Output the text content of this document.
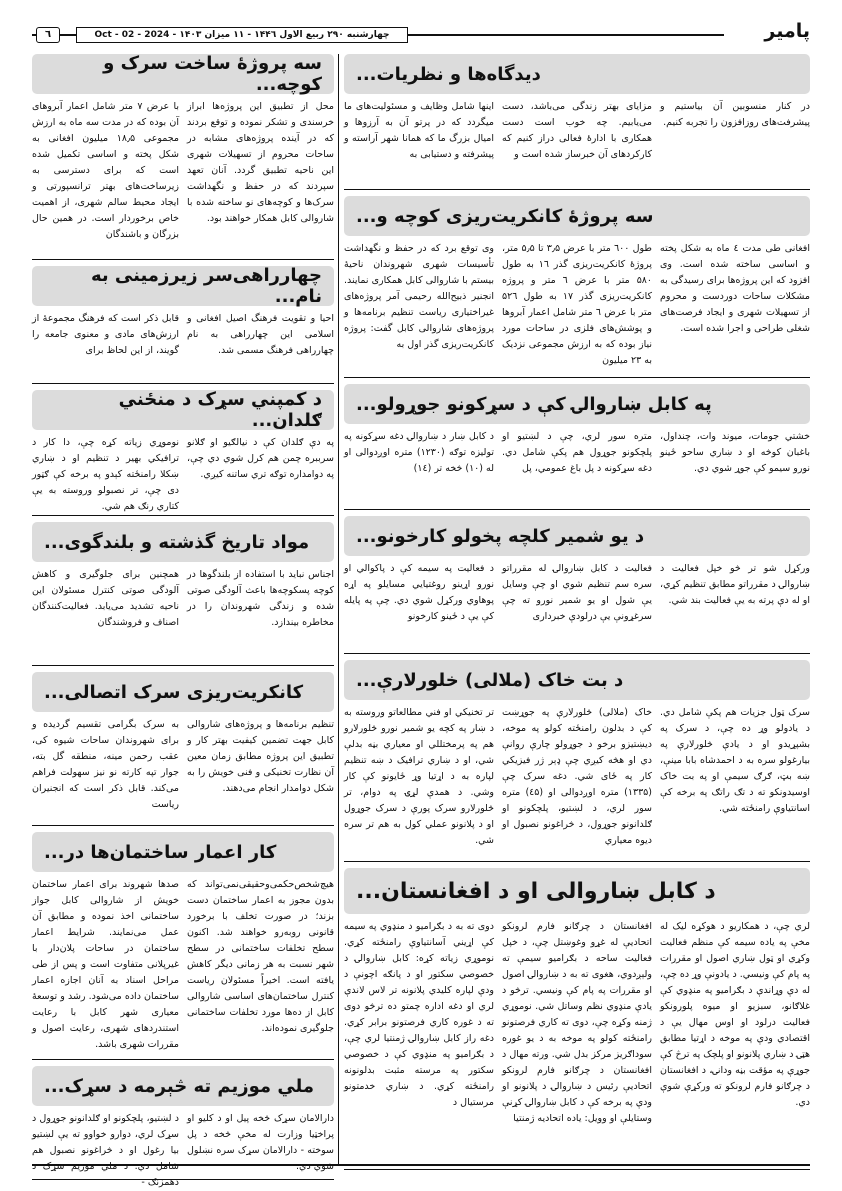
٦	چهارشنبه ۲۹۰ ربیع الاول ۱۴۴٦ - ۱۱ میزان ۱۴۰۳ - Oct - 02 - 2024	پامیر
دیدگاه‌ها و نظریات...

اینها شامل وظایف و مسئولیت‌های ما میگردد که در پرتو آن به آرزوها و امیال بزرگ ما که همانا شهر آراسته و پیشرفته و دستیابی به

مزایای بهتر زندگی می‌باشد، دست می‌یابیم. چه خوب است دست همکاری با ادارۀ فعالی دراز کنیم که کارکردهای آن خبرساز شده است و

در کنار منسوبین آن بیاستیم و پیشرفت‌های روزافزون را تجربه کنیم.

سه پروژۀ کانکریت‌ریزی کوچه و...

وی توقع برد که در حفظ و نگهداشت تأسیسات شهری شهروندان ناحیۀ بیستم با شاروالی کابل همکاری نمایند. انجنیر ذبیح‌الله رحیمی آمر پروژه‌های غیراختیاری ریاست تنظیم برنامه‌ها و پروژه‌های شاروالی کابل گفت: پروژه کانکریت‌ریزی گذر اول به

طول ٦۰۰ متر با عرض ۳٫۵ تا ۵٫۵ متر، پروژۀ کانکریت‌ریزی گذر ۱٦ به طول ۵۸۰ متر با عرض ٦ متر و پروژه کانکریت‌ریزی گذر ۱۷ به طول ۵۲٦ متر با عرض ٦ متر شامل اعمار آبروها و پوشش‌های فلزی در ساحات مورد نیاز بوده که به ارزش مجموعی نزدیک به ۲۳ میلیون

افغانی طی مدت ٤ ماه به شکل پخته و اساسی ساخته شده است. وی افزود که این پروژه‌ها برای رسیدگی به مشکلات ساحات دوردست و محروم از تسهیلات شهری و ایجاد فرصت‌های شغلی طراحی و اجرا شده است.

په کابل ښاروالۍ کې د سړکونو جوړولو...

د کابل ښار د ښاروالۍ دغه سړکونه په توليزه توګه (۱۲۳۰) متره اوږدوالی او له (۱۰) څخه تر (۱٤)

متره سور لري، چې د لښتيو او پلچکونو جوړول هم پکې شامل دي. دغه سړکونه د پل باغ عمومي، پل

خشتي جومات، میوند وات، چنداول، باغبان کوڅه او د ښاري ساحو ځینو نورو سیمو کې جوړ شوي دي.

د یو شمیر کلچه پخولو کارخونو...

د فعالیت په سیمه کې د پاکوالي او نورو اړینو روغتیايي مسایلو په اړه پوهاوي ورکړل شوي دي. چې په پایله کې یې د ځینو کارخونو

فعالیت د کابل ښاروالۍ له مقرراتو سره سم تنظیم شوي او چې وسایل یې شول او یو شمیر نورو ته چې سرغړونې یې درلودې خبرداری

ورکړل شو تر څو خپل فعالیت د ښاروالۍ د مقرراتو مطابق تنظیم کړي، او له دې پرته به یې فعالیت بند شي.

د بت خاک (ملالی) خلورلارې...

تر تخنیکي او فني مطالعاتو وروسته به د ښار په کچه یو شمیر نورو څلورلارو هم په پرمختللي او معیاري بڼه بدلې شي، او د ښاري ترافیک د ښه تنظیم لپاره به د اړتیا وړ ځایونو کې کار وشي. د همدې لړۍ په دوام، تر څلورلارو سرک پورې د سرک جوړول او د پلانونو عملي کول به هم تر سره شي.

خاک (ملالی) څلورلارې په جوړښت کې د بدلون رامنځته کولو په موخه، دیښتیزو برخو د جوړولو چارې روانې دي او هڅه کیږي چې ډېر ژر فیزیکي کار په ځای شي. دغه سرک چې (۱۳۳۵) متره اوږدوالی او (٤۵) متره سور لري، د لښتیو، پلچکونو او ګلدانونو جوړول، د څراغونو نصبول او دیوه معیاري

سرک ټول جزیات هم پکې شامل دي. د یادولو وړ ده چې، د سرک په بشپړیدو او د یادې څلورلارې په بیارغولو سره به د احمدشاه بابا مینې، ښه بټ، ګرګ سیمې او په بت خاک اوسیدونکو ته د تګ راتګ په برخه کې اسانتیاوې رامنځته شي.

د کابل ښاروالی او د افغانستان...

دوی ته به د بګرامیو د منډوي په سیمه کې اړیني آسانتیاوې رامنځته کړي. نوموړي زیاته کړه: کابل ښاروالۍ د خصوصي سکتور او د پانګه اچونې د ودې لپاره کلیدي پلانونه تر لاس لاندې لري او دغه اداره چمتو ده ترڅو دوی ته د غوره کاري فرصتونو برابر کړي. دغه راز کابل ښاروالۍ ژمنتیا لري چې، د بګرامیو په منډوي کې د خصوصي سکتور په مرسته مثبت بدلونونه رامنځته کړي. د ښاري خدمتونو مرستیال د

افغانستان د چرګانو فارم لرونکو اتحادیې له غړو وغوښتل چې، د خپل فعالیت ساحه د بګرامیو سیمې ته ولېږدوي، هغوی ته به د ښاروالۍ اصول او مقررات په پام کې ونیسي. ترڅو د یادې منډوي نظم وساتل شي. نوموړي ژمنه وکړه چې، دوی ته کاري فرصتونو رامنځته کولو په موخه به د یو غوره سوداګریز مرکز بدل شي. ورته مهال د افغانستان د چرګانو فارم لرونکو اتحادیې رئیس د ښاروالۍ د پلانونو او ودې په برخه کې د کابل ښاروالۍ کړنې وستایلې او وویل: یاده اتحادیه ژمنتیا

لري چې، د همکاریو د هوکړه لیک له مخې په یاده سیمه کې منظم فعالیت وکړي او ټول ښاري اصول او مقررات په پام کې ونیسي. د یادونې وړ ده چې، له دې وړاندې د بګرامیو په منډوي کې غلاګانو، سبزیو او میوه پلورونکو فعالیت درلود او اوس مهال یې د اقتصادي ودې په موخه د اړتیا مطابق هټۍ د ښاري پلانونو او پلچک په ترڅ کې جوړې په مؤقت بڼه ودانۍ، د افغانستان د چرګانو فارم لرونکو ته ورکړې شوې دي.

سه پروژۀ ساخت سرک و کوچه...

با عرض ۷ متر شامل اعمار آبروهای آن بوده که در مدت سه ماه به ارزش مجموعی ۱۸٫۵ میلیون افغانی به شکل پخته و اساسی تکمیل شده است که برای دسترسی به زیرساخت‌های بهتر ترانسپورتی و ایجاد محیط سالم شهری، از اهمیت خاص برخوردار است. در همین حال بزرگان و باشندگان

محل از تطبیق این پروژه‌ها ابراز خرسندی و تشکر نموده و توقع بردند که در آینده پروژه‌های مشابه در ساحات محروم از تسهیلات شهری این ناحیه تطبیق گردد. آنان تعهد سپردند که در حفظ و نگهداشت سرک‌ها و کوچه‌های نو ساخته شده با شاروالی کابل همکار خواهند بود.

چهارراهی‌سر زیرزمینی به نام...

قابل ذکر است که فرهنگ مجموعۀ از ارزش‌های مادی و معنوی جامعه را گویند، از این لحاظ برای

احیا و تقویت فرهنگ اصیل افغانی و اسلامی این چهارراهی به نام چهارراهی فرهنگ مسمی شد.

د کمپني سړک د منځني ګلدان...

نوموړي زیاته کړه چې، دا کار د ترافیکي بهیر د تنظیم او د ښاري ښکلا رامنځته کېدو په برخه کې ګټور دی چې، تر نصبولو وروسته به یې کتاري رنګ هم شي.

په دې ګلدان کې د نیالګیو او ګلانو سرببره چمن هم کرل شوي دي چې، په دوامداره توګه تري ساتنه کیږي.

مواد تاریخ گذشته و بلندگوی...

همچنین برای جلوگیری و کاهش آلودگی صوتی کنترل مسئولان این ناحیه تشدید می‌یابد. فعالیت‌کنندگان اصناف و فروشندگان

اجناس نباید با استفاده از بلندگوها در کوچه پسکوچه‌ها باعث آلودگی صوتی شده و زندگی شهروندان را در مخاطره بیندازد.

کانکریت‌ریزی سرک اتصالی...

به سرک بگرامی تقسیم گردیده و برای شهروندان ساحات شیوه کی، عقب رحمن مینه، منطقه گل بته، جوار تپه کارته نو نیز سهولت فراهم می‌کند. قابل ذکر است که انجنیران ریاست

تنظیم برنامه‌ها و پروژه‌های شاروالی کابل جهت تضمین کیفیت بهتر کار و تطبیق این پروژه مطابق زمان معین آن نظارت تخنیکی و فنی خویش را به شکل دوامدار انجام می‌دهند.

کار اعمار ساختمان‌ها در...

صدها شهروند برای اعمار ساختمان خویش از شاروالی کابل جواز ساختمانی اخذ نموده و مطابق آن عمل می‌نمایند. شرایط اعمار ساختمان در ساحات پلان‌دار با غیرپلانی متفاوت است و پس از طی مراحل اسناد به آنان اجازه اعمار ساختمان داده می‌شود. رشد و توسعۀ معیاری شهر کابل با رعایت استندردهای شهری، رعایت اصول و مقررات شهری باشد.

هیچ‌شخص‌حکمی‌و‌حقیقی‌نمی‌تواند که بدون مجوز به اعمار ساختمان دست بزند؛ در صورت تخلف با برخورد قانونی روبه‌رو خواهند شد. اکنون سطح تخلفات ساختمانی در سطح شهر نسبت به هر زمانی دیگر کاهش یافته است. اخیراً مسئولان ریاست کنترل ساختمان‌های اساسی شاروالی کابل از ده‌ها مورد تخلفات ساختمانی جلوگیری نموده‌اند.

ملي موزیم ته څېرمه د سړک...

د لښتیو، پلچکونو او ګلدانونو جوړول د سړک لري، دوارو خواوو ته یې لښتیو بیا رغول او د څراغونو نصبول هم شامل دي. د ملي موزیم سړک د دهمزنګ -

دارالامان سړک څخه پیل او د کلیو او پراخټیا وزارت له مخې څخه د پل سوخته - دارالامان سړک سره نښلول شوي دي.
